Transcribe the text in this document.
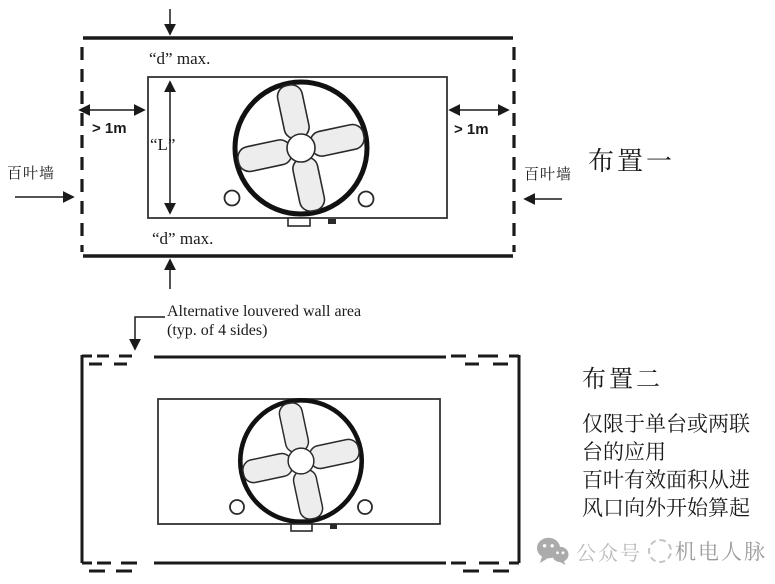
“d” max.
“L”
“d” max.
> 1m	> 1m
百叶墙	百叶墙 布置一
Alternative louvered wall area
(typ. of 4 sides)
布置二
仅限于单台或两联
台的应用
百叶有效面积从进
风口向外开始算起
公众号 机电人脉
